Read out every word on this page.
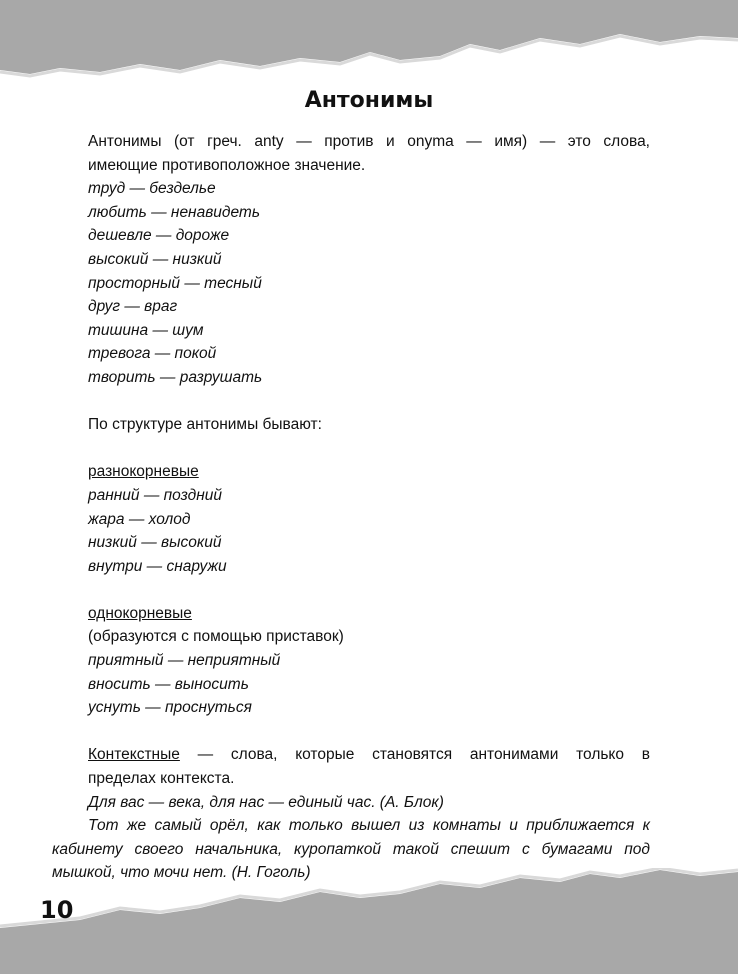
Антонимы
Антонимы (от греч. anty — против и onyma — имя) — это слова,
имеющие противоположное значение.
труд — безделье
любить — ненавидеть
дешевле — дороже
высокий — низкий
просторный — тесный
друг — враг
тишина — шум
тревога — покой
творить — разрушать
По структуре антонимы бывают:
разнокорневые
ранний — поздний
жара — холод
низкий — высокий
внутри — снаружи
однокорневые
(образуются с помощью приставок)
приятный — неприятный
вносить — выносить
уснуть — проснуться
Контекстные — слова, которые становятся антонимами только в
пределах контекста.
Для вас — века, для нас — единый час. (А. Блок)
Тот же самый орёл, как только вышел из комнаты и приближается к
кабинету своего начальника, куропаткой такой спешит с бумагами под
мышкой, что мочи нет. (Н. Гоголь)
10
